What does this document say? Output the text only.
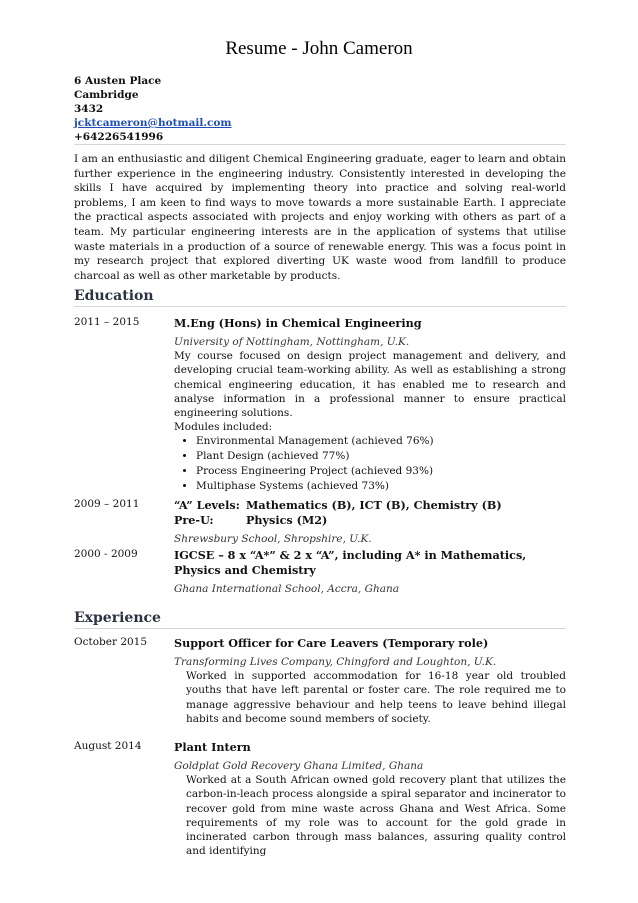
Resume - John Cameron
6 Austen Place
Cambridge
3432
jcktcameron@hotmail.com
+64226541996
I am an enthusiastic and diligent Chemical Engineering graduate, eager to learn and obtain further experience in the engineering industry. Consistently interested in developing the skills I have acquired by implementing theory into practice and solving real-world problems, I am keen to find ways to move towards a more sustainable Earth. I appreciate the practical aspects associated with projects and enjoy working with others as part of a team. My particular engineering interests are in the application of systems that utilise waste materials in a production of a source of renewable energy. This was a focus point in my research project that explored diverting UK waste wood from landfill to produce charcoal as well as other marketable by products.
Education
2011 – 2015	M.Eng (Hons) in Chemical Engineering
University of Nottingham, Nottingham, U.K.
My course focused on design project management and delivery, and developing crucial team-working ability. As well as establishing a strong chemical engineering education, it has enabled me to research and analyse information in a professional manner to ensure practical engineering solutions.
Modules included:
• Environmental Management (achieved 76%)
• Plant Design (achieved 77%)
• Process Engineering Project (achieved 93%)
• Multiphase Systems (achieved 73%)
2009 – 2011	“A” Levels: Mathematics (B), ICT (B), Chemistry (B)
Pre-U:	Physics (M2)
Shrewsbury School, Shropshire, U.K.
2000 - 2009	IGCSE – 8 x “A*” & 2 x “A”, including A* in Mathematics, Physics and Chemistry
Ghana International School, Accra, Ghana
Experience
October 2015	Support Officer for Care Leavers (Temporary role)
Transforming Lives Company, Chingford and Loughton, U.K.
Worked in supported accommodation for 16-18 year old troubled youths that have left parental or foster care. The role required me to manage aggressive behaviour and help teens to leave behind illegal habits and become sound members of society.
August 2014	Plant Intern
Goldplat Gold Recovery Ghana Limited, Ghana
Worked at a South African owned gold recovery plant that utilizes the carbon-in-leach process alongside a spiral separator and incinerator to recover gold from mine waste across Ghana and West Africa. Some requirements of my role was to account for the gold grade in incinerated carbon through mass balances, assuring quality control and identifying
